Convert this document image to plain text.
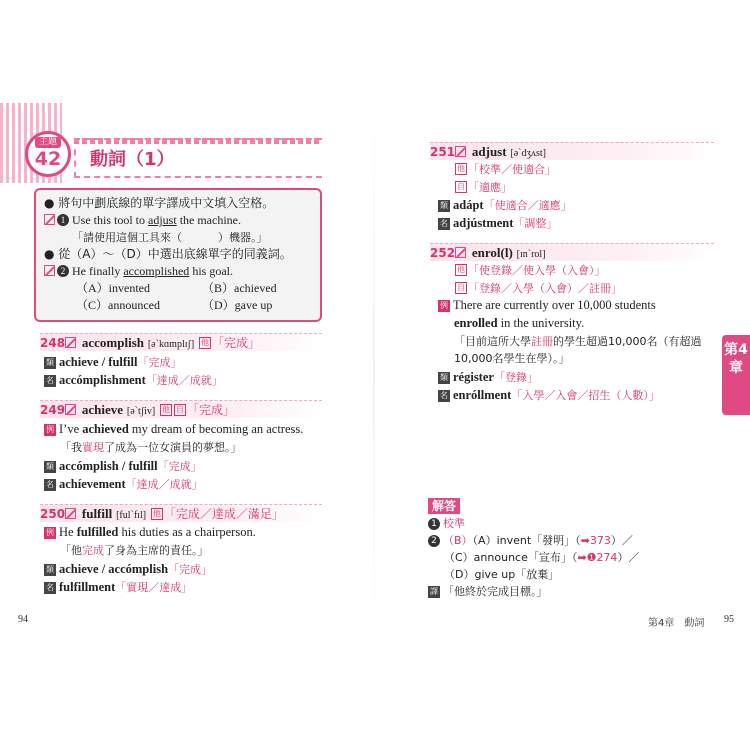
主題
42	動詞（1）
● 將句中劃底線的單字譯成中文填入空格。
1 Use this tool to adjust the machine.
「請使用這個工具來（	）機器。」
● 從（A）～（D）中選出底線單字的同義詞。
2 He finally accomplished his goal.
（A）invented	（B）achieved
（C）announced	（D）gave up
248 accomplish [əˋkɑmplɪʃ] 他 「完成」
類 achieve / fulfill「完成」
名 accómplishment「達成／成就」
249 achieve [əˋtʃiv] 他 自 「完成」
例 I’ve achieved my dream of becoming an actress.
「我實現了成為一位女演員的夢想。」
類 accómplish / fulfill「完成」
名 achíevement「達成／成就」
250 fulfill [fulˋfɪl] 他 「完成／達成／滿足」
例 He fulfilled his duties as a chairperson.
「他完成了身為主席的責任。」
類 achieve / accómplish「完成」
名 fulfillment「實現／達成」
94
251 adjust [əˋdʒʌst]
他 「校準／使適合」
自 「適應」
類 adápt「使適合／適應」
名 adjústment「調整」
252 enrol(l) [ɪnˋrol]
他 「使登錄／使入學（入會）」
自 「登錄／入學（入會）／註冊」
例 There are currently over 10,000 students
enrolled in the university.
「目前這所大學註冊的學生超過10,000名（有超過
10,000名學生在學）。」
類 régister「登錄」
名 enróllment「入學／入會／招生（人數）」
第4章
解答
1 校準
2 （B）（A）invent「發明」（➡373）／
（C）announce「宣布」（➡❶274）／
（D）give up「放棄」
譯 「他終於完成目標。」
第4章　動詞 95
